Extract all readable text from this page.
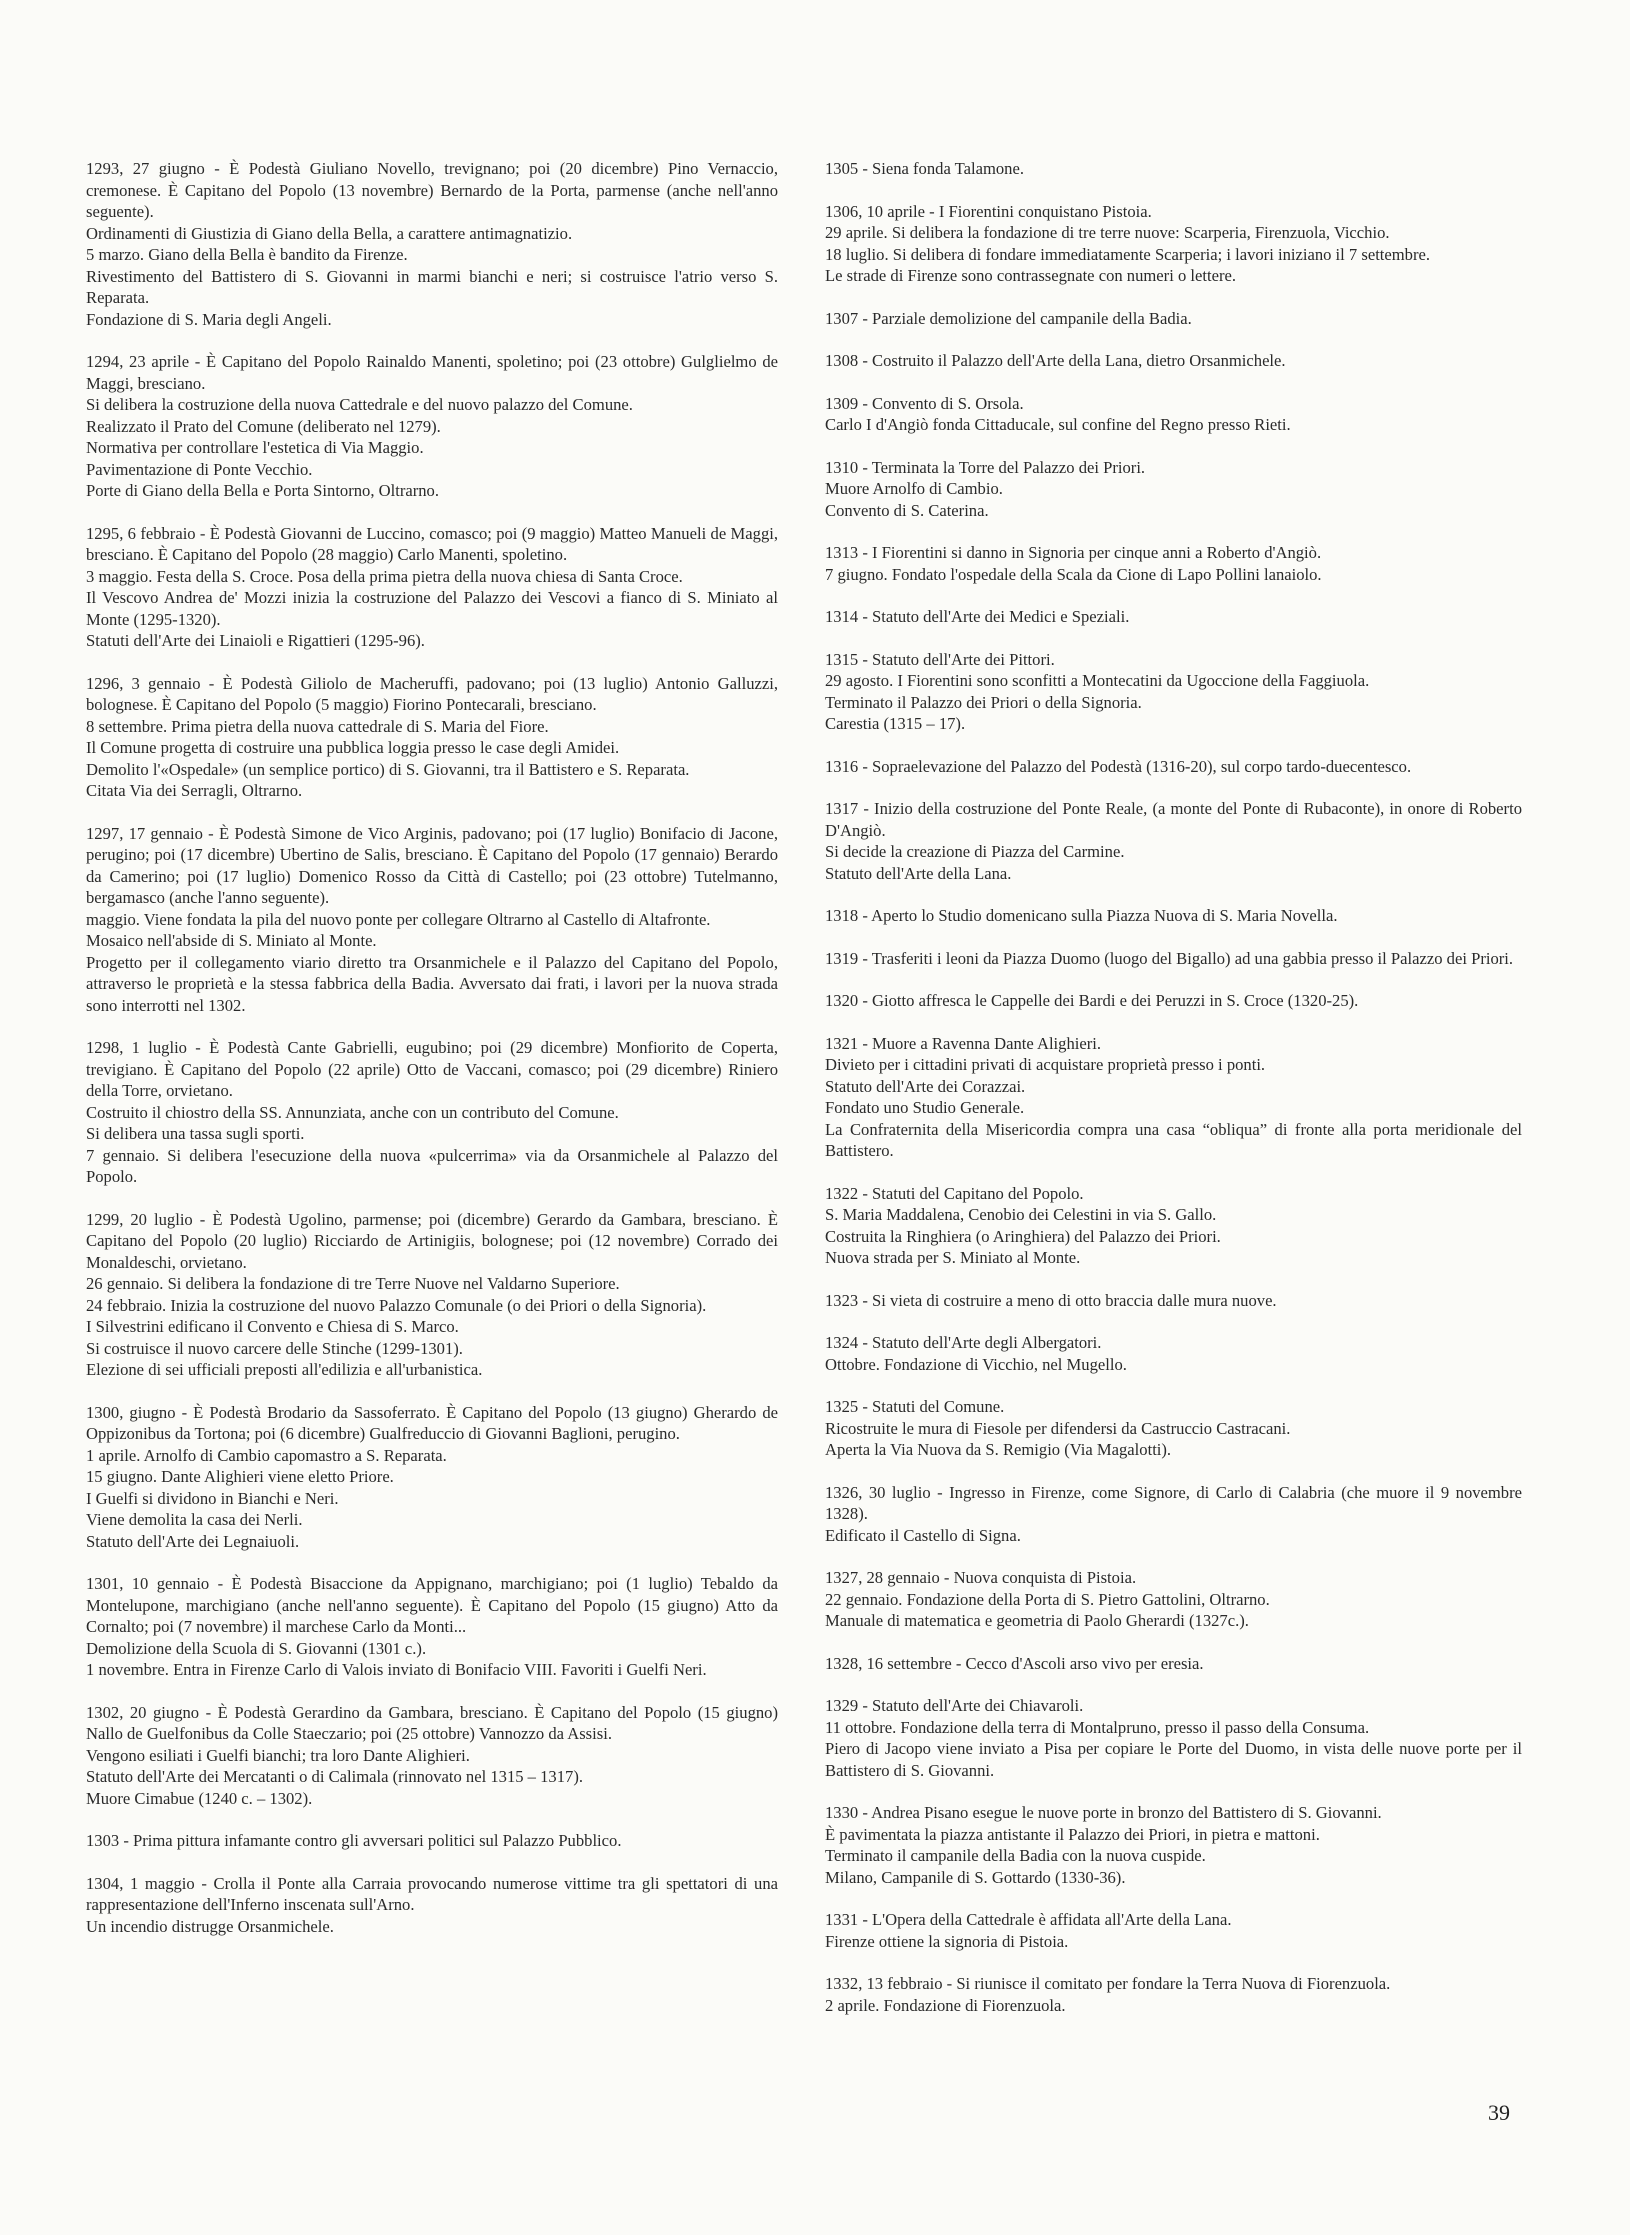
1293, 27 giugno - È Podestà Giuliano Novello, trevignano; poi (20 dicembre) Pino Vernaccio, cremonese. È Capitano del Popolo (13 novembre) Bernardo de la Porta, parmense (anche nell'anno seguente).
Ordinamenti di Giustizia di Giano della Bella, a carattere antimagnatizio.
5 marzo. Giano della Bella è bandito da Firenze.
Rivestimento del Battistero di S. Giovanni in marmi bianchi e neri; si costruisce l'atrio verso S. Reparata.
Fondazione di S. Maria degli Angeli.
1294, 23 aprile - È Capitano del Popolo Rainaldo Manenti, spoletino; poi (23 ottobre) Gulglielmo de Maggi, bresciano.
Si delibera la costruzione della nuova Cattedrale e del nuovo palazzo del Comune.
Realizzato il Prato del Comune (deliberato nel 1279).
Normativa per controllare l'estetica di Via Maggio.
Pavimentazione di Ponte Vecchio.
Porte di Giano della Bella e Porta Sintorno, Oltrarno.
1295, 6 febbraio - È Podestà Giovanni de Luccino, comasco; poi (9 maggio) Matteo Manueli de Maggi, bresciano. È Capitano del Popolo (28 maggio) Carlo Manenti, spoletino.
3 maggio. Festa della S. Croce. Posa della prima pietra della nuova chiesa di Santa Croce.
Il Vescovo Andrea de' Mozzi inizia la costruzione del Palazzo dei Vescovi a fianco di S. Miniato al Monte (1295-1320).
Statuti dell'Arte dei Linaioli e Rigattieri (1295-96).
1296, 3 gennaio - È Podestà Giliolo de Macheruffi, padovano; poi (13 luglio) Antonio Galluzzi, bolognese. È Capitano del Popolo (5 maggio) Fiorino Pontecarali, bresciano.
8 settembre. Prima pietra della nuova cattedrale di S. Maria del Fiore.
Il Comune progetta di costruire una pubblica loggia presso le case degli Amidei.
Demolito l'«Ospedale» (un semplice portico) di S. Giovanni, tra il Battistero e S. Reparata.
Citata Via dei Serragli, Oltrarno.
1297, 17 gennaio - È Podestà Simone de Vico Arginis, padovano; poi (17 luglio) Bonifacio di Jacone, perugino; poi (17 dicembre) Ubertino de Salis, bresciano. È Capitano del Popolo (17 gennaio) Berardo da Camerino; poi (17 luglio) Domenico Rosso da Città di Castello; poi (23 ottobre) Tutelmanno, bergamasco (anche l'anno seguente).
maggio. Viene fondata la pila del nuovo ponte per collegare Oltrarno al Castello di Altafronte.
Mosaico nell'abside di S. Miniato al Monte.
Progetto per il collegamento viario diretto tra Orsanmichele e il Palazzo del Capitano del Popolo, attraverso le proprietà e la stessa fabbrica della Badia. Avversato dai frati, i lavori per la nuova strada sono interrotti nel 1302.
1298, 1 luglio - È Podestà Cante Gabrielli, eugubino; poi (29 dicembre) Monfiorito de Coperta, trevigiano. È Capitano del Popolo (22 aprile) Otto de Vaccani, comasco; poi (29 dicembre) Riniero della Torre, orvietano.
Costruito il chiostro della SS. Annunziata, anche con un contributo del Comune.
Si delibera una tassa sugli sporti.
7 gennaio. Si delibera l'esecuzione della nuova «pulcerrima» via da Orsanmichele al Palazzo del Popolo.
1299, 20 luglio - È Podestà Ugolino, parmense; poi (dicembre) Gerardo da Gambara, bresciano. È Capitano del Popolo (20 luglio) Ricciardo de Artinigiis, bolognese; poi (12 novembre) Corrado dei Monaldeschi, orvietano.
26 gennaio. Si delibera la fondazione di tre Terre Nuove nel Valdarno Superiore.
24 febbraio. Inizia la costruzione del nuovo Palazzo Comunale (o dei Priori o della Signoria).
I Silvestrini edificano il Convento e Chiesa di S. Marco.
Si costruisce il nuovo carcere delle Stinche (1299-1301).
Elezione di sei ufficiali preposti all'edilizia e all'urbanistica.
1300, giugno - È Podestà Brodario da Sassoferrato. È Capitano del Popolo (13 giugno) Gherardo de Oppizonibus da Tortona; poi (6 dicembre) Gualfreduccio di Giovanni Baglioni, perugino.
1 aprile. Arnolfo di Cambio capomastro a S. Reparata.
15 giugno. Dante Alighieri viene eletto Priore.
I Guelfi si dividono in Bianchi e Neri.
Viene demolita la casa dei Nerli.
Statuto dell'Arte dei Legnaiuoli.
1301, 10 gennaio - È Podestà Bisaccione da Appignano, marchigiano; poi (1 luglio) Tebaldo da Montelupone, marchigiano (anche nell'anno seguente). È Capitano del Popolo (15 giugno) Atto da Cornalto; poi (7 novembre) il marchese Carlo da Monti...
Demolizione della Scuola di S. Giovanni (1301 c.).
1 novembre. Entra in Firenze Carlo di Valois inviato di Bonifacio VIII. Favoriti i Guelfi Neri.
1302, 20 giugno - È Podestà Gerardino da Gambara, bresciano. È Capitano del Popolo (15 giugno) Nallo de Guelfonibus da Colle Staeczario; poi (25 ottobre) Vannozzo da Assisi.
Vengono esiliati i Guelfi bianchi; tra loro Dante Alighieri.
Statuto dell'Arte dei Mercatanti o di Calimala (rinnovato nel 1315 – 1317).
Muore Cimabue (1240 c. – 1302).
1303 - Prima pittura infamante contro gli avversari politici sul Palazzo Pubblico.
1304, 1 maggio - Crolla il Ponte alla Carraia provocando numerose vittime tra gli spettatori di una rappresentazione dell'Inferno inscenata sull'Arno.
Un incendio distrugge Orsanmichele.
1305 - Siena fonda Talamone.
1306, 10 aprile - I Fiorentini conquistano Pistoia.
29 aprile. Si delibera la fondazione di tre terre nuove: Scarperia, Firenzuola, Vicchio.
18 luglio. Si delibera di fondare immediatamente Scarperia; i lavori iniziano il 7 settembre.
Le strade di Firenze sono contrassegnate con numeri o lettere.
1307 - Parziale demolizione del campanile della Badia.
1308 - Costruito il Palazzo dell'Arte della Lana, dietro Orsanmichele.
1309 - Convento di S. Orsola.
Carlo I d'Angiò fonda Cittaducale, sul confine del Regno presso Rieti.
1310 - Terminata la Torre del Palazzo dei Priori.
Muore Arnolfo di Cambio.
Convento di S. Caterina.
1313 - I Fiorentini si danno in Signoria per cinque anni a Roberto d'Angiò.
7 giugno. Fondato l'ospedale della Scala da Cione di Lapo Pollini lanaiolo.
1314 - Statuto dell'Arte dei Medici e Speziali.
1315 - Statuto dell'Arte dei Pittori.
29 agosto. I Fiorentini sono sconfitti a Montecatini da Ugoccione della Faggiuola.
Terminato il Palazzo dei Priori o della Signoria.
Carestia (1315 – 17).
1316 - Sopraelevazione del Palazzo del Podestà (1316-20), sul corpo tardo-duecentesco.
1317 - Inizio della costruzione del Ponte Reale, (a monte del Ponte di Rubaconte), in onore di Roberto D'Angiò.
Si decide la creazione di Piazza del Carmine.
Statuto dell'Arte della Lana.
1318 - Aperto lo Studio domenicano sulla Piazza Nuova di S. Maria Novella.
1319 - Trasferiti i leoni da Piazza Duomo (luogo del Bigallo) ad una gabbia presso il Palazzo dei Priori.
1320 - Giotto affresca le Cappelle dei Bardi e dei Peruzzi in S. Croce (1320-25).
1321 - Muore a Ravenna Dante Alighieri.
Divieto per i cittadini privati di acquistare proprietà presso i ponti.
Statuto dell'Arte dei Corazzai.
Fondato uno Studio Generale.
La Confraternita della Misericordia compra una casa “obliqua” di fronte alla porta meridionale del Battistero.
1322 - Statuti del Capitano del Popolo.
S. Maria Maddalena, Cenobio dei Celestini in via S. Gallo.
Costruita la Ringhiera (o Aringhiera) del Palazzo dei Priori.
Nuova strada per S. Miniato al Monte.
1323 - Si vieta di costruire a meno di otto braccia dalle mura nuove.
1324 - Statuto dell'Arte degli Albergatori.
Ottobre. Fondazione di Vicchio, nel Mugello.
1325 - Statuti del Comune.
Ricostruite le mura di Fiesole per difendersi da Castruccio Castracani.
Aperta la Via Nuova da S. Remigio (Via Magalotti).
1326, 30 luglio - Ingresso in Firenze, come Signore, di Carlo di Calabria (che muore il 9 novembre 1328).
Edificato il Castello di Signa.
1327, 28 gennaio - Nuova conquista di Pistoia.
22 gennaio. Fondazione della Porta di S. Pietro Gattolini, Oltrarno.
Manuale di matematica e geometria di Paolo Gherardi (1327c.).
1328, 16 settembre - Cecco d'Ascoli arso vivo per eresia.
1329 - Statuto dell'Arte dei Chiavaroli.
11 ottobre. Fondazione della terra di Montalpruno, presso il passo della Consuma.
Piero di Jacopo viene inviato a Pisa per copiare le Porte del Duomo, in vista delle nuove porte per il Battistero di S. Giovanni.
1330 - Andrea Pisano esegue le nuove porte in bronzo del Battistero di S. Giovanni.
È pavimentata la piazza antistante il Palazzo dei Priori, in pietra e mattoni.
Terminato il campanile della Badia con la nuova cuspide.
Milano, Campanile di S. Gottardo (1330-36).
1331 - L'Opera della Cattedrale è affidata all'Arte della Lana.
Firenze ottiene la signoria di Pistoia.
1332, 13 febbraio - Si riunisce il comitato per fondare la Terra Nuova di Fiorenzuola.
2 aprile. Fondazione di Fiorenzuola.
39
